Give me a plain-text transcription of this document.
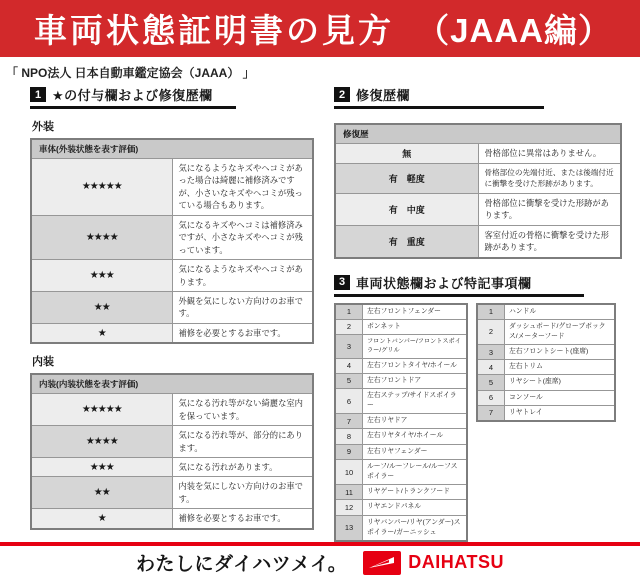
車両状態証明書の見方 （JAAA編）
「 NPO法人 日本自動車鑑定協会（JAAA） 」
1 ★の付与欄および修復歴欄
外装
車体(外装状態を表す評価)	
★★★★★	気になるようなキズやヘコミがあった場合は綺麗に補修済みですが、小さいなキズやヘコミが残っている場合もあります。
★★★★	気になるキズやヘコミは補修済みですが、小さなキズやヘコミが残っています。
★★★	気になるようなキズやヘコミがあります。
★★	外観を気にしない方向けのお車です。
★	補修を必要とするお車です。
内装
内装(内装状態を表す評価)	
★★★★★	気になる汚れ等がない綺麗な室内を保っています。
★★★★	気になる汚れ等が、部分的にあります。
★★★	気になる汚れがあります。
★★	内装を気にしない方向けのお車です。
★	補修を必要とするお車です。
2 修復歴欄
修復歴	
無	骨格部位に異常はありません。
有　軽度	骨格部位の先端付近、または後端付近に衝撃を受けた形跡があります。
有　中度	骨格部位に衝撃を受けた形跡があります。
有　重度	客室付近の骨格に衝撃を受けた形跡があります。
3 車両状態欄および特記事項欄
1	左右フロントフェンダー
2	ボンネット
3	フロントバンパー/フロントスポイラー/グリル
4	左右フロントタイヤ/ホイール
5	左右フロントドア
6	左右ステップ/サイドスポイラー
7	左右リヤドア
8	左右リヤタイヤ/ホイール
9	左右リヤフェンダー
10	ルーフ/ルーフレール/ルーフスポイラー
11	リヤゲート/トランクフード
12	リヤエンドパネル
13	リヤバンパー/リヤ(アンダー)スポイラー/ガーニッシュ
1	ハンドル
2	ダッシュボード/グローブボックス/メーターフード
3	左右フロントシート(座席)
4	左右トリム
5	リヤシート(座席)
6	コンソール
7	リヤトレイ
わたしにダイハツメイ。	DAIHATSU
